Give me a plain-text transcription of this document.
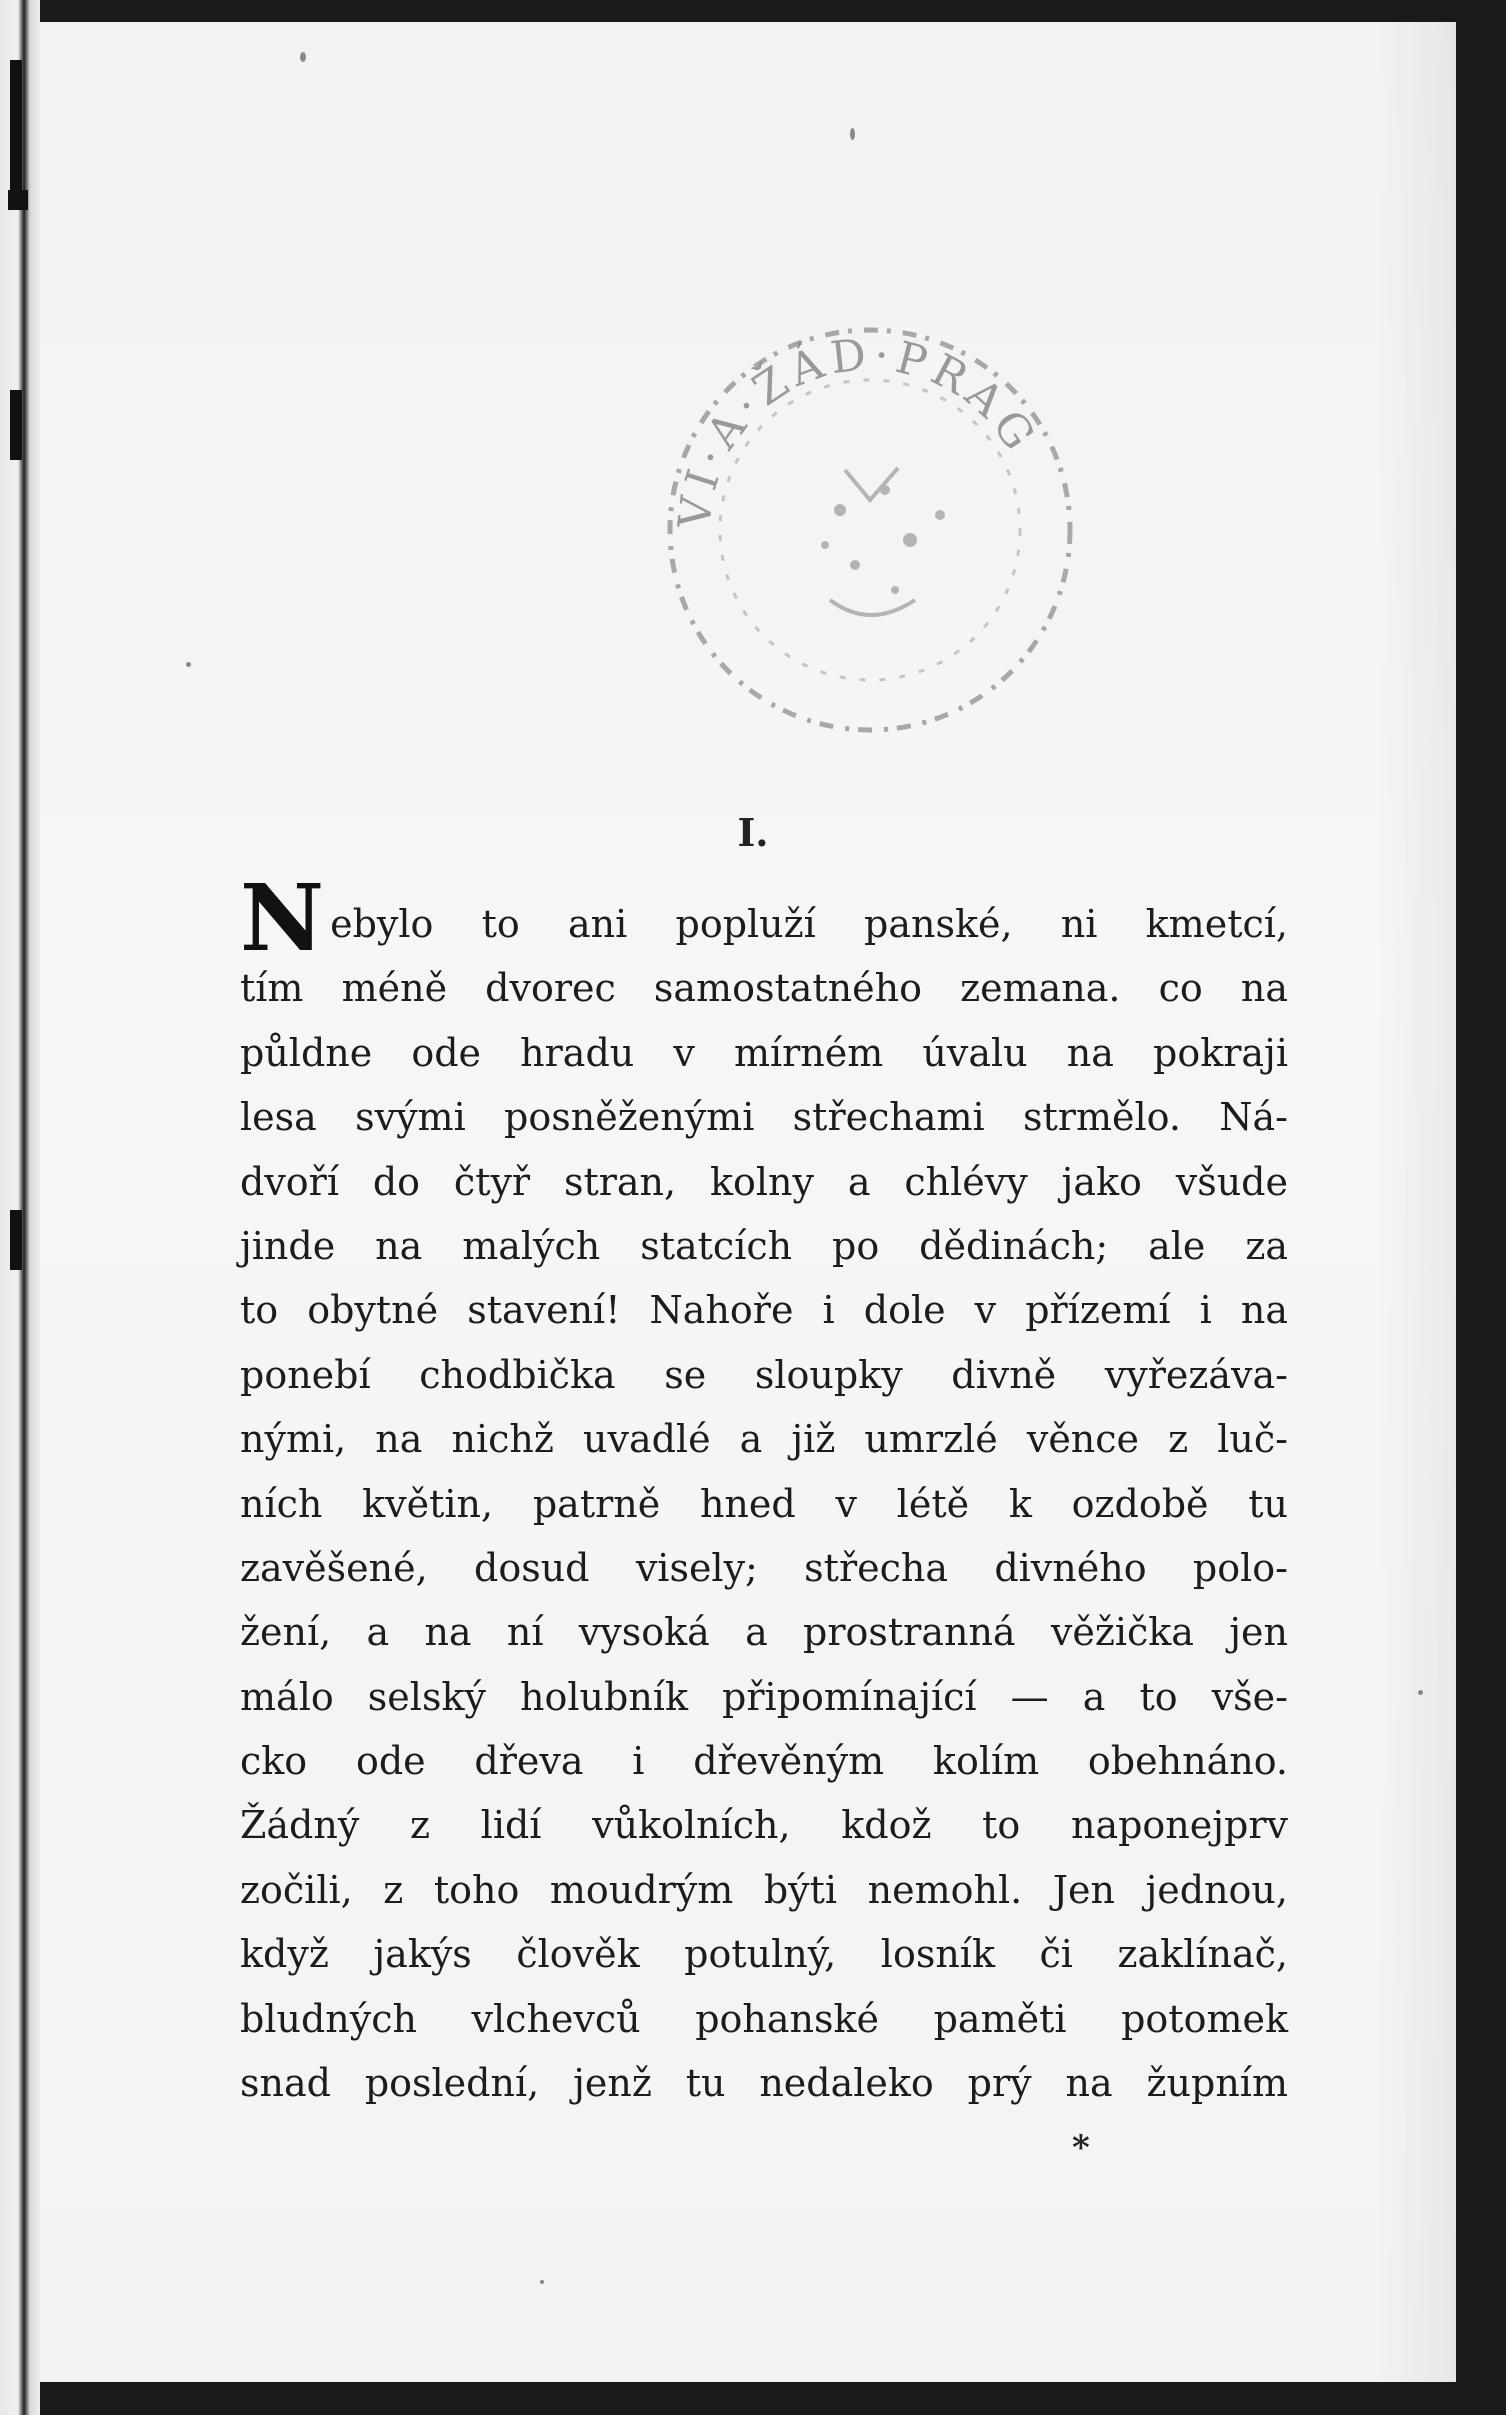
VI·A·ŽÁD·PRAG
I.
N ebylo to ani popluží panské, ni kmetcí,
tím méně dvorec samostatného zemana. co na
půldne ode hradu v mírném úvalu na pokraji
lesa svými posněženými střechami strmělo. Ná-
dvoří do čtyř stran, kolny a chlévy jako všude
jinde na malých statcích po dědinách; ale za
to obytné stavení! Nahoře i dole v přízemí i na
ponebí chodbička se sloupky divně vyřezáva-
nými, na nichž uvadlé a již umrzlé věnce z luč-
ních květin, patrně hned v létě k ozdobě tu
zavěšené, dosud visely; střecha divného polo-
žení, a na ní vysoká a prostranná věžička jen
málo selský holubník připomínající — a to vše-
cko ode dřeva i dřevěným kolím obehnáno.
Žádný z lidí vůkolních, kdož to naponejprv
zočili, z toho moudrým býti nemohl. Jen jednou,
když jakýs člověk potulný, losník či zaklínač,
bludných vlchevců pohanské paměti potomek
snad poslední, jenž tu nedaleko prý na župním
*
